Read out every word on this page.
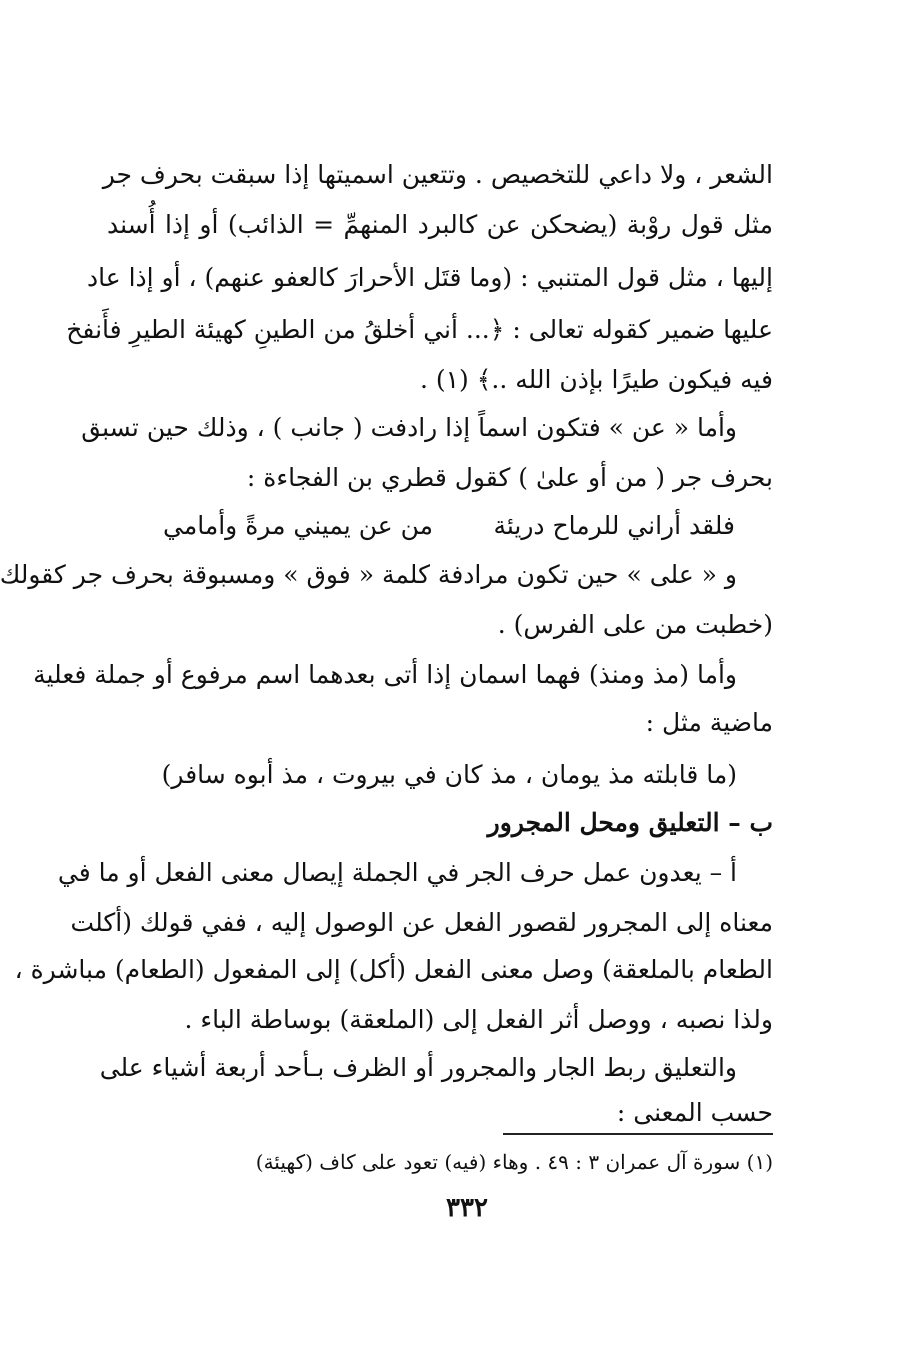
الشعر ، ولا داعي للتخصيص . وتتعين اسميتها إذا سبقت بحرف جر
مثل قول روْبة (يضحكن عن كالبرد المنهمِّ = الذائب) أو إذا أُسند
إليها ، مثل قول المتنبي : (وما قتَل الأحرارَ كالعفو عنهم) ، أو إذا عاد
عليها ضمير كقوله تعالى : ﴿... أني أخلقُ من الطينِ كهيئة الطيرِ فأَنفخ
فيه فيكون طيرًا بإذن الله ..﴾ (١) .
وأما « عن » فتكون اسماً إذا رادفت ( جانب ) ، وذلك حين تسبق
بحرف جر ( من أو علىٰ ) كقول قطري بن الفجاءة :
فلقد أراني للرماح دريئة
من عن يميني مرةً وأمامي
و « على » حين تكون مرادفة كلمة « فوق » ومسبوقة بحرف جر كقولك
(خطبت من على الفرس) .
وأما (مذ ومنذ) فهما اسمان إذا أتى بعدهما اسم مرفوع أو جملة فعلية
ماضية مثل :
(ما قابلته مذ يومان ، مذ كان في بيروت ، مذ أبوه سافر)
ب – التعليق ومحل المجرور
أ – يعدون عمل حرف الجر في الجملة إيصال معنى الفعل أو ما في
معناه إلى المجرور لقصور الفعل عن الوصول إليه ، ففي قولك (أكلت
الطعام بالملعقة) وصل معنى الفعل (أكل) إلى المفعول (الطعام) مباشرة ،
ولذا نصبه ، ووصل أثر الفعل إلى (الملعقة) بوساطة الباء .
والتعليق ربط الجار والمجرور أو الظرف بـأحد أربعة أشياء على
حسب المعنى :
(١) سورة آل عمران ٣ : ٤٩ . وهاء (فيه) تعود على كاف (كهيئة)
٣٣٢
